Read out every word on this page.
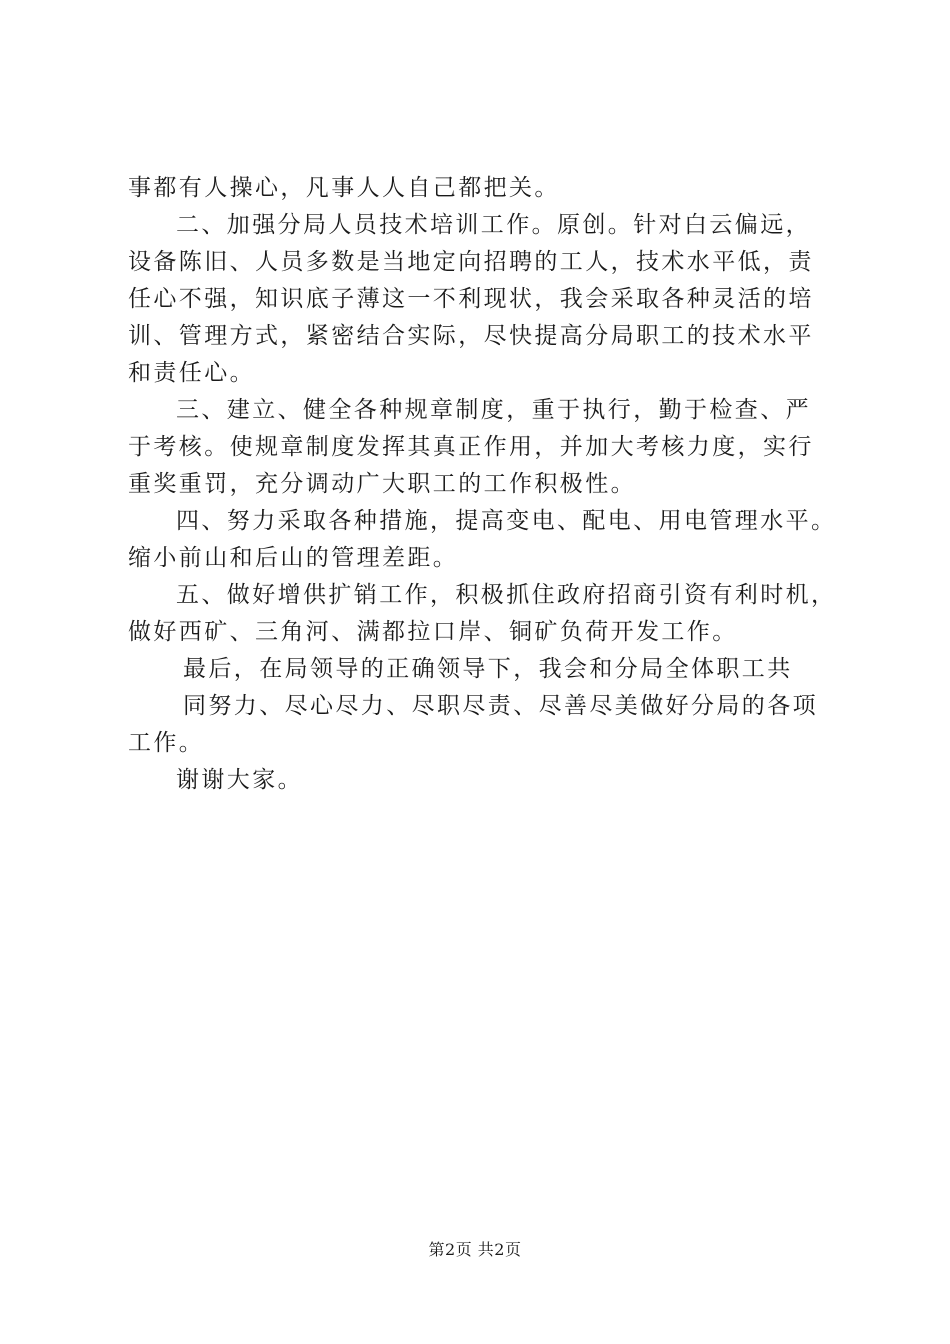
事都有人操心，凡事人人自己都把关。
二、加强分局人员技术培训工作。原创。针对白云偏远，
设备陈旧、人员多数是当地定向招聘的工人，技术水平低，责
任心不强，知识底子薄这一不利现状，我会采取各种灵活的培
训、管理方式，紧密结合实际，尽快提高分局职工的技术水平
和责任心。
三、建立、健全各种规章制度，重于执行，勤于检查、严
于考核。使规章制度发挥其真正作用，并加大考核力度，实行
重奖重罚，充分调动广大职工的工作积极性。
四、努力采取各种措施，提高变电、配电、用电管理水平。
缩小前山和后山的管理差距。
五、做好增供扩销工作，积极抓住政府招商引资有利时机，
做好西矿、三角河、满都拉口岸、铜矿负荷开发工作。
最后，在局领导的正确领导下，我会和分局全体职工共
同努力、尽心尽力、尽职尽责、尽善尽美做好分局的各项
工作。
谢谢大家。
第2页 共2页
